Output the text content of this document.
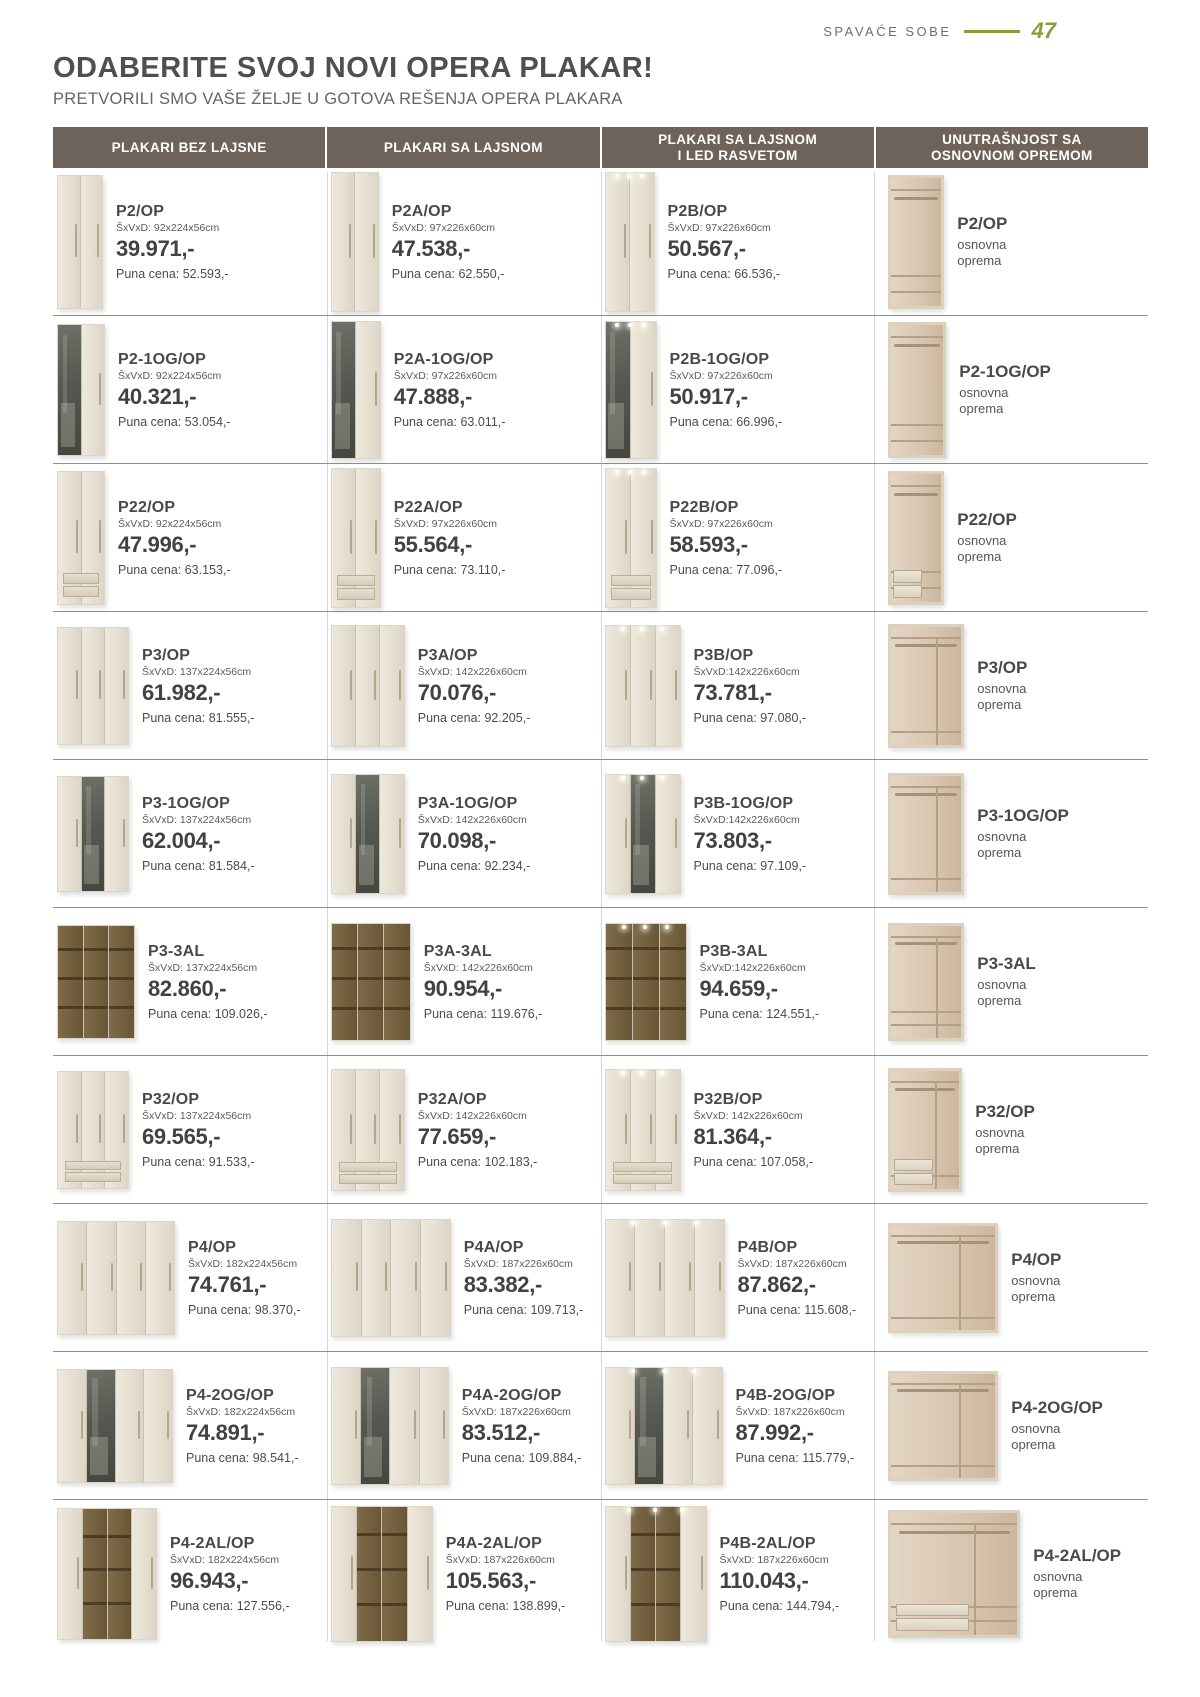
SPAVAĆE SOBE	47
ODABERITE SVOJ NOVI OPERA PLAKAR!
PRETVORILI SMO VAŠE ŽELJE U GOTOVA REŠENJA OPERA PLAKARA
PLAKARI BEZ LAJSNE	PLAKARI SA LAJSNOM
PLAKARI SA LAJSNOM
I LED RASVETOM
UNUTRAŠNJOST SA
OSNOVNOM OPREMOM
P2/OP
ŠxVxD: 92x224x56cm
39.971,-
Puna cena: 52.593,-
P2A/OP
ŠxVxD: 97x226x60cm
47.538,-
Puna cena: 62.550,-
P2B/OP
ŠxVxD: 97x226x60cm
50.567,-
Puna cena: 66.536,-
P2/OP
osnovna oprema
P2-1OG/OP
ŠxVxD: 92x224x56cm
40.321,-
Puna cena: 53.054,-
P2A-1OG/OP
ŠxVxD: 97x226x60cm
47.888,-
Puna cena: 63.011,-
P2B-1OG/OP
ŠxVxD: 97x226x60cm
50.917,-
Puna cena: 66.996,-
P2-1OG/OP
osnovna oprema
P22/OP
ŠxVxD: 92x224x56cm
47.996,-
Puna cena: 63.153,-
P22A/OP
ŠxVxD: 97x226x60cm
55.564,-
Puna cena: 73.110,-
P22B/OP
ŠxVxD: 97x226x60cm
58.593,-
Puna cena: 77.096,-
P22/OP
osnovna oprema
P3/OP
ŠxVxD: 137x224x56cm
61.982,-
Puna cena: 81.555,-
P3A/OP
ŠxVxD: 142x226x60cm
70.076,-
Puna cena: 92.205,-
P3B/OP
ŠxVxD:142x226x60cm
73.781,-
Puna cena: 97.080,-
P3/OP
osnovna oprema
P3-1OG/OP
ŠxVxD: 137x224x56cm
62.004,-
Puna cena: 81.584,-
P3A-1OG/OP
ŠxVxD: 142x226x60cm
70.098,-
Puna cena: 92.234,-
P3B-1OG/OP
ŠxVxD:142x226x60cm
73.803,-
Puna cena: 97.109,-
P3-1OG/OP
osnovna oprema
P3-3AL
ŠxVxD: 137x224x56cm
82.860,-
Puna cena: 109.026,-
P3A-3AL
ŠxVxD: 142x226x60cm
90.954,-
Puna cena: 119.676,-
P3B-3AL
ŠxVxD:142x226x60cm
94.659,-
Puna cena: 124.551,-
P3-3AL
osnovna oprema
P32/OP
ŠxVxD: 137x224x56cm
69.565,-
Puna cena: 91.533,-
P32A/OP
ŠxVxD: 142x226x60cm
77.659,-
Puna cena: 102.183,-
P32B/OP
ŠxVxD: 142x226x60cm
81.364,-
Puna cena: 107.058,-
P32/OP
osnovna oprema
P4/OP
ŠxVxD: 182x224x56cm
74.761,-
Puna cena: 98.370,-
P4A/OP
ŠxVxD: 187x226x60cm
83.382,-
Puna cena: 109.713,-
P4B/OP
ŠxVxD: 187x226x60cm
87.862,-
Puna cena: 115.608,-
P4/OP
osnovna oprema
P4-2OG/OP
ŠxVxD: 182x224x56cm
74.891,-
Puna cena: 98.541,-
P4A-2OG/OP
ŠxVxD: 187x226x60cm
83.512,-
Puna cena: 109.884,-
P4B-2OG/OP
ŠxVxD: 187x226x60cm
87.992,-
Puna cena: 115.779,-
P4-2OG/OP
osnovna oprema
P4-2AL/OP
ŠxVxD: 182x224x56cm
96.943,-
Puna cena: 127.556,-
P4A-2AL/OP
ŠxVxD: 187x226x60cm
105.563,-
Puna cena: 138.899,-
P4B-2AL/OP
ŠxVxD: 187x226x60cm
110.043,-
Puna cena: 144.794,-
P4-2AL/OP
osnovna oprema
